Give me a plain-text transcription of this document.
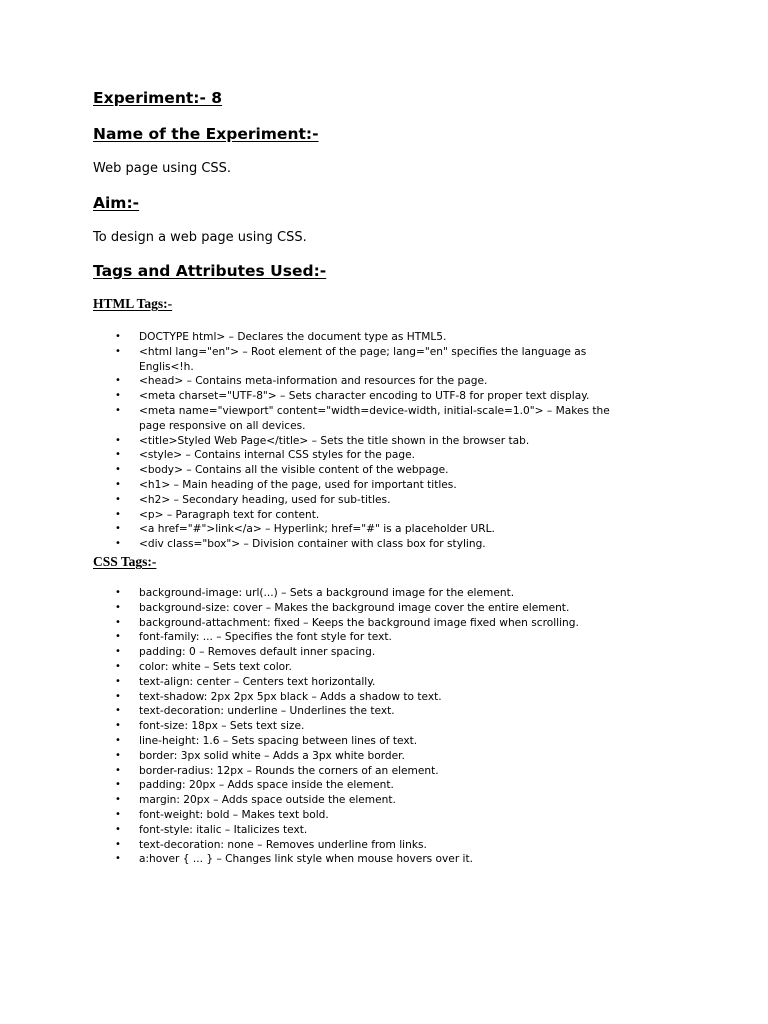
Experiment:- 8
Name of the Experiment:-

Web page using CSS.

Aim:-

To design a web page using CSS.

Tags and Attributes Used:-
HTML Tags:-
• DOCTYPE html> – Declares the document type as HTML5.
• <html lang="en"> – Root element of the page; lang="en" specifies the language as Englis<!h.
• <head> – Contains meta-information and resources for the page.
• <meta charset="UTF-8"> – Sets character encoding to UTF-8 for proper text display.
• <meta name="viewport" content="width=device-width, initial-scale=1.0"> – Makes the page responsive on all devices.
• <title>Styled Web Page</title> – Sets the title shown in the browser tab.
• <style> – Contains internal CSS styles for the page.
• <body> – Contains all the visible content of the webpage.
• <h1> – Main heading of the page, used for important titles.
• <h2> – Secondary heading, used for sub-titles.
• <p> – Paragraph text for content.
• <a href="#">link</a> – Hyperlink; href="#" is a placeholder URL.
• <div class="box"> – Division container with class box for styling.
CSS Tags:-
• background-image: url(...) – Sets a background image for the element.
• background-size: cover – Makes the background image cover the entire element.
• background-attachment: fixed – Keeps the background image fixed when scrolling.
• font-family: ... – Specifies the font style for text.
• padding: 0 – Removes default inner spacing.
• color: white – Sets text color.
• text-align: center – Centers text horizontally.
• text-shadow: 2px 2px 5px black – Adds a shadow to text.
• text-decoration: underline – Underlines the text.
• font-size: 18px – Sets text size.
• line-height: 1.6 – Sets spacing between lines of text.
• border: 3px solid white – Adds a 3px white border.
• border-radius: 12px – Rounds the corners of an element.
• padding: 20px – Adds space inside the element.
• margin: 20px – Adds space outside the element.
• font-weight: bold – Makes text bold.
• font-style: italic – Italicizes text.
• text-decoration: none – Removes underline from links.
• a:hover { ... } – Changes link style when mouse hovers over it.
